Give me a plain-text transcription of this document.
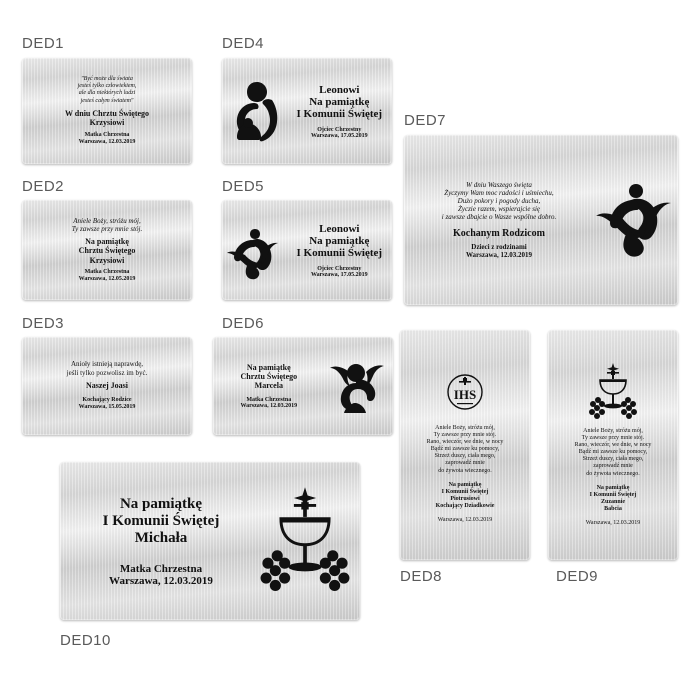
DED1
"Być może dla świata
jesteś tylko człowiekiem,
ale dla niektórych ludzi
jesteś całym światem"
W dniu Chrztu Świętego
Krzysiowi
Matka Chrzestna
Warszawa, 12.03.2019
DED2
Aniele Boży, stróżu mój,
Ty zawsze przy mnie stój.
Na pamiątkę
Chrztu Świętego
Krzysiowi
Matka Chrzestna
Warszawa, 12.05.2019
DED3
Anioły istnieją naprawdę,
jeśli tylko pozwolisz im być.
Naszej Joasi
Kochający Rodzice
Warszawa, 15.05.2019
DED4
Leonowi
Na pamiątkę
I Komunii Świętej
Ojciec Chrzestny
Warszawa, 17.05.2019
DED5
Leonowi
Na pamiątkę
I Komunii Świętej
Ojciec Chrzestny
Warszawa, 17.05.2019
DED6
Na pamiątkę
Chrztu Świętego
Marcela
Matka Chrzestna
Warszawa, 12.03.2019
DED7
W dniu Waszego święta
Życzymy Wam moc radości i uśmiechu,
Dużo pokory i pogody ducha,
Życzie razem, wspierajcie się
i zawsze dbajcie o Wasze wspólne dobro.
Kochanym Rodzicom
Dzieci z rodzinami
Warszawa, 12.03.2019
IHS
Aniele Boży, stróżu mój,
Ty zawsze przy mnie stój.
Rano, wieczór, we dnie, w nocy
Bądź mi zawsze ku pomocy,
Strzeż duszy, ciała mego,
zaprowadź mnie
do żywota wiecznego.
Na pamiątkę
I Komunii Świętej
Piotrusiowi
Kochający Dziadkowie
Warszawa, 12.03.2019
DED8
Aniele Boży, stróżu mój,
Ty zawsze przy mnie stój.
Rano, wieczór, we dnie, w nocy
Bądź mi zawsze ku pomocy,
Strzeż duszy, ciała mego,
zaprowadź mnie
do żywota wiecznego.
Na pamiątkę
I Komunii Świętej
Zuzannie
Babcia
Warszawa, 12.03.2019
DED9
Na pamiątkę
I Komunii Świętej
Michała
Matka Chrzestna
Warszawa, 12.03.2019
DED10
